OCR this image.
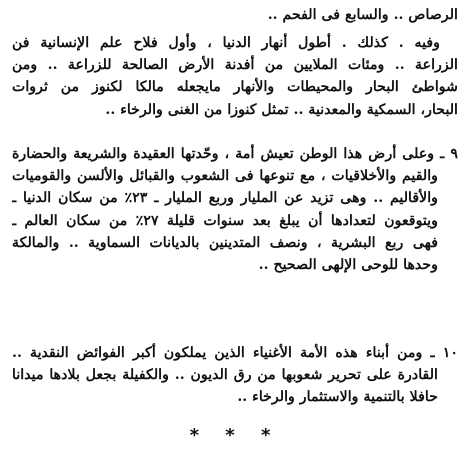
الرصاص .. والسابع فى الفحم ..
وفيه . كذلك . أطول أنهار الدنيا ، وأول فلاح علم الإنسانية فن
الزراعة .. ومئات الملايين من أفدنة الأرض الصالحة للزراعة .. ومن
شواطئ البحار والمحيطات والأنهار مايجعله مالكا لكنوز من ثروات
البحار، السمكية والمعدنية .. تمثل كنوزا من الغنى والرخاء ..
٩ ـ وعلى أرض هذا الوطن تعيش أمة ، وحّدتها العقيدة والشريعة والحضارة
والقيم والأخلاقيات ، مع تنوعها فى الشعوب والقبائل والألسن والقوميات
والأقاليم .. وهى تزيد عن المليار وربع المليار ـ ٢٣٪ من سكان الدنيا ـ
ويتوقعون لتعدادها أن يبلغ بعد سنوات قليلة ٢٧٪ من سكان العالم ـ
فهى ربع البشرية ، ونصف المتدينين بالديانات السماوية .. والمالكة
وحدها للوحى الإلهى الصحيح ..
١٠ ـ ومن أبناء هذه الأمة الأغنياء الذين يملكون أكبر الفوائض النقدية ..
القادرة على تحرير شعوبها من رق الديون .. والكفيلة بجعل بلادها ميدانا
حافلا بالتنمية والاستثمار والرخاء ..
* * *
